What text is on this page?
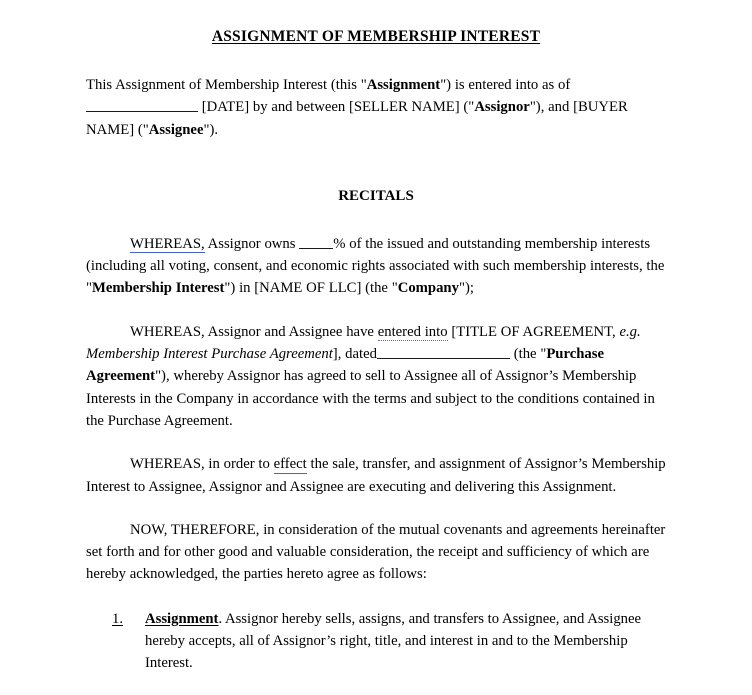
ASSIGNMENT OF MEMBERSHIP INTEREST

This Assignment of Membership Interest (this "Assignment") is entered into as of  [DATE] by and between [SELLER NAME] ("Assignor"), and [BUYER NAME] ("Assignee").

RECITALS

WHEREAS, Assignor owns % of the issued and outstanding membership interests (including all voting, consent, and economic rights associated with such membership interests, the "Membership Interest") in [NAME OF LLC] (the "Company");

WHEREAS, Assignor and Assignee have entered into [TITLE OF AGREEMENT, e.g. Membership Interest Purchase Agreement], dated	(the "Purchase Agreement"), whereby Assignor has agreed to sell to Assignee all of Assignor’s Membership Interests in the Company in accordance with the terms and subject to the conditions contained in the Purchase Agreement.

WHEREAS, in order to effect the sale, transfer, and assignment of Assignor’s Membership Interest to Assignee, Assignor and Assignee are executing and delivering this Assignment.

NOW, THEREFORE, in consideration of the mutual covenants and agreements hereinafter set forth and for other good and valuable consideration, the receipt and sufficiency of which are hereby acknowledged, the parties hereto agree as follows:

1. Assignment. Assignor hereby sells, assigns, and transfers to Assignee, and Assignee hereby accepts, all of Assignor’s right, title, and interest in and to the Membership Interest.
